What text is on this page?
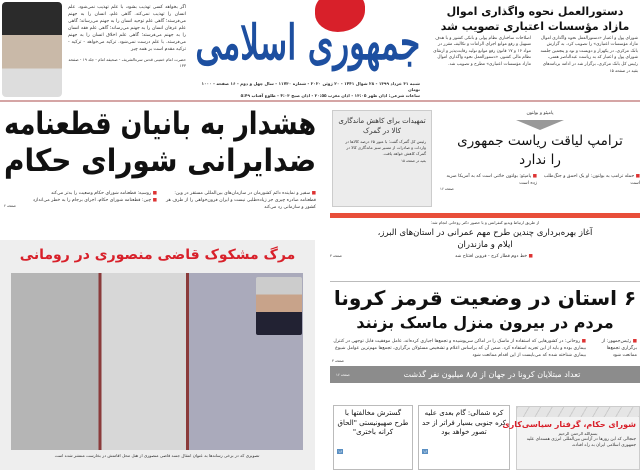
اگر بخواهد کسی تهذیب بشود، با علم تهذیب نمی‌شود. علم انسان را تهذیب نمی‌کند. گاهی علم، انسان را به جهنم می‌فرستد؛ گاهی علم توحید انسان را به جهنم می‌رساند؛ گاهی علم عرفان انسان را به جهنم می‌رساند؛ گاهی علم فقه انسان را به جهنم می‌فرستد؛ گاهی علم اخلاق انسان را به جهنم می‌فرستد. با علم درست نمی‌شود. تزکیه می‌خواهد - تزکیه - تزکیه مقدم است بر همه چیز
حضرت امام خمینی قدس سره‌الشریف - صحیفه امام - جلد ۱۹ - صفحه ۱۳۳ جمهوری اسلامی
شنبه ۳۱ خرداد ۱۳۹۹ - ۲۸ شوال ۱۴۴۱ - ۲۰ ژوئن ۲۰۲۰ - شماره ۱۱۷۳۰ - سال چهل و دوم - ۱۶ صفحه - ۱۰۰۰ تومان
ساعات شرعی: اذان ظهر ۱۳:۰۵ - اذان مغرب ۲۰:۵۵ - اذان صبح ۴:۰۳ - طلوع آفتاب ۵:۴۹
دستورالعمل نحوه واگذاری اموال
مازاد مؤسسات اعتباری تصویب شد
شورای پول و اعتبار «دستورالعمل نحوه واگذاری اموال مازاد مؤسسات اعتباری» را تصویب کرد. به گزارش بانک مرکزی، در یکهزار و دویست و نود و پنجمین جلسه شورای پول و اعتبار که به ریاست عبدالناصر همتی، رئیس کل بانک مرکزی، برگزار شد در ادامه برنامه‌های اصلاحات ساختاری نظام پولی و بانکی کشور و با هدف تسهیل و رفع موانع اجرای الزامات و تکالیف مقرر در مواد ۱۶ و ۱۷ قانون رفع موانع تولید رقابت‌پذیر و ارتقای نظام مالی کشور، «دستورالعمل نحوه واگذاری اموال مازاد مؤسسات اعتباری» مطرح و تصویب شد.
بقیه در صفحه ۱۵
هشدار به بانیان قطعنامه
ضدایرانی شورای حکام
■ سفیر و نماینده دائم کشورمان در سازمان‌های بین‌المللی مستقر در وین: قطعنامه صادره چیزی جز زیاده‌طلبی نیست و ایران فزون‌خواهی را از طرف هر کشور و سازمانی رد می‌کند
■ روسیه: قطعنامه شورای حکام وضعیت را بدتر می‌کند
■ چین: قطعنامه شورای حکام، اجرای برجام را به خطر می‌اندازد
صفحه ۲
مرگ مشکوک قاضی منصوری در رومانی
تصویری که در برخی رسانه‌ها به عنوان انتقال جسد قاضی منصوری از هتل محل اقامتش در بخارست منتشر شده است
تمهیدات برای کاهش ماندگاری کالا در گمرک
رئیس کل گمرک گفت: با عبور ۶۵ درصد کالاها در واردات و صادرات از مسیر سبز ماندگاری کالا در گمرک کاهش خواهد یافت.
بقیه در صفحه ۱۵
پامپئو و بولتون
ترامپ لیاقت ریاست جمهوری
را ندارد
■ حمله ترامپ به بولتون: او یک احمق و جنگ‌طلب است
■ پامپئو: بولتون خائنی است که به آمریکا ضربه زده است
صفحه ۱۶
از طریق ارتباط ویدیو کنفرانس و با حضور دکتر روحانی انجام شد:
آغاز بهره‌برداری چندین طرح مهم عمرانی در استان‌های البرز، ایلام و مازندران
■ خط دوم قطار کرج - قزوین افتتاح شد
صفحه ۳
۶ استان در وضعیت قرمز کرونا
مردم در بیرون منزل ماسک بزنند
■ رئیس‌جمهور: از برگزاری تجمع‌ها ممانعت شود
■ روحانی: در کشورهایی که استفاده از ماسک را در اماکن سرپوشیده و تجمع‌ها اجباری کرده‌اند، عامل موفقیت قابل توجهی در کنترل بیماری بوده و باید از این تجربه استفاده کرد. ضمن آن که براساس اعلام و تشخیص مسئولان برگزاری، تجمع‌ها مهم‌ترین عوامل شیوع بیماری شناخته شده که می‌بایست از این اقدام ممانعت شود
صفحه ۳
تعداد مبتلایان کرونا در جهان از ۸٫۵ میلیون نفر گذشت
صفحه ۱۶
گسترش مخالفتها با طرح صهیونیستی "الحاق کرانه باختری"
۱۶
کره شمالی: گام بعدی علیه کره جنوبی بسیار فراتر از حد تصور خواهد بود
۱۶
شورای حکام، گرفتار سیاسی‌کاری
بسم‌الله الرحمن الرحیم
جنجالی که این روزها در آژانس بین‌المللی انرژی هسته‌ای علیه جمهوری اسلامی ایران به راه افتاده،
